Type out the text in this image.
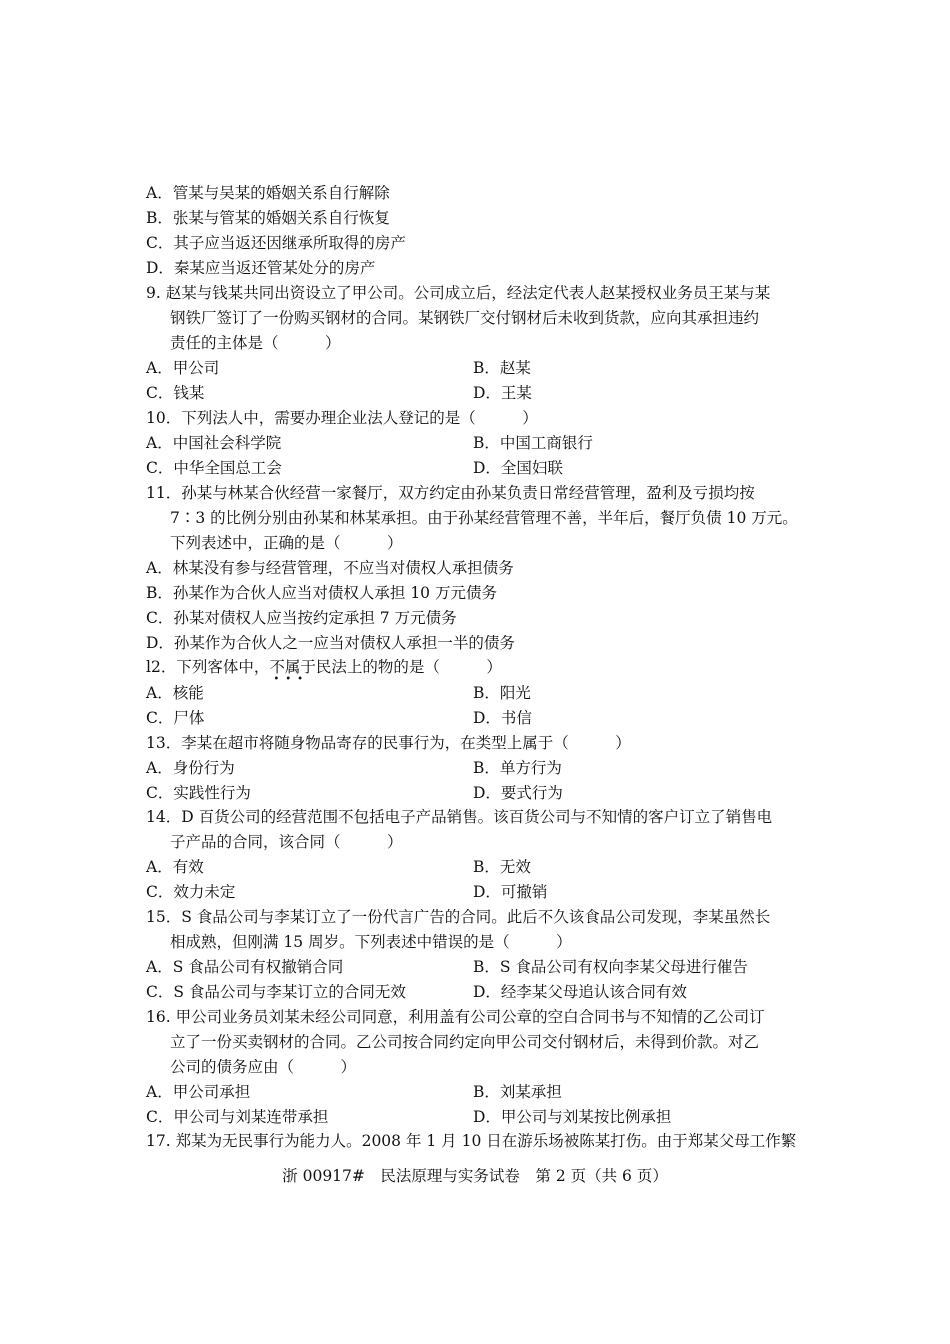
A．管某与吴某的婚姻关系自行解除
B．张某与管某的婚姻关系自行恢复
C．其子应当返还因继承所取得的房产
D．秦某应当返还管某处分的房产
9. 赵某与钱某共同出资设立了甲公司。公司成立后，经法定代表人赵某授权业务员王某与某
钢铁厂签订了一份购买钢材的合同。某钢铁厂交付钢材后未收到货款，应向其承担违约
责任的主体是（　　　）
A．甲公司	B．赵某
C．钱某	D．王某
10．下列法人中，需要办理企业法人登记的是（　　　）
A．中国社会科学院	B．中国工商银行
C．中华全国总工会	D．全国妇联
11．孙某与林某合伙经营一家餐厅，双方约定由孙某负责日常经营管理，盈利及亏损均按
7∶3 的比例分别由孙某和林某承担。由于孙某经营管理不善，半年后，餐厅负债 10 万元。
下列表述中，正确的是（　　　）
A．林某没有参与经营管理，不应当对债权人承担债务
B．孙某作为合伙人应当对债权人承担 10 万元债务
C．孙某对债权人应当按约定承担 7 万元债务
D．孙某作为合伙人之一应当对债权人承担一半的债务
l2．下列客体中，不属于
•••
民法上的物的是（　　　）
A．核能	B．阳光
C．尸体	D．书信
13．李某在超市将随身物品寄存的民事行为，在类型上属于（　　　）
A．身份行为	B．单方行为
C．实践性行为	D．要式行为
14．D 百货公司的经营范围不包括电子产品销售。该百货公司与不知情的客户订立了销售电
子产品的合同，该合同（　　　）
A．有效	B．无效
C．效力未定	D．可撤销
15．S 食品公司与李某订立了一份代言广告的合同。此后不久该食品公司发现，李某虽然长
相成熟，但刚满 15 周岁。下列表述中错误的是（　　　）
A．S 食品公司有权撤销合同	B．S 食品公司有权向李某父母进行催告
C．S 食品公司与李某订立的合同无效	D．经李某父母追认该合同有效
16. 甲公司业务员刘某未经公司同意，利用盖有公司公章的空白合同书与不知情的乙公司订
立了一份买卖钢材的合同。乙公司按合同约定向甲公司交付钢材后，未得到价款。对乙
公司的债务应由（　　　）
A．甲公司承担	B．刘某承担
C．甲公司与刘某连带承担	D．甲公司与刘某按比例承担
17. 郑某为无民事行为能力人。2008 年 1 月 10 日在游乐场被陈某打伤。由于郑某父母工作繁
浙 00917#　民法原理与实务试卷　第 2 页（共 6 页）
